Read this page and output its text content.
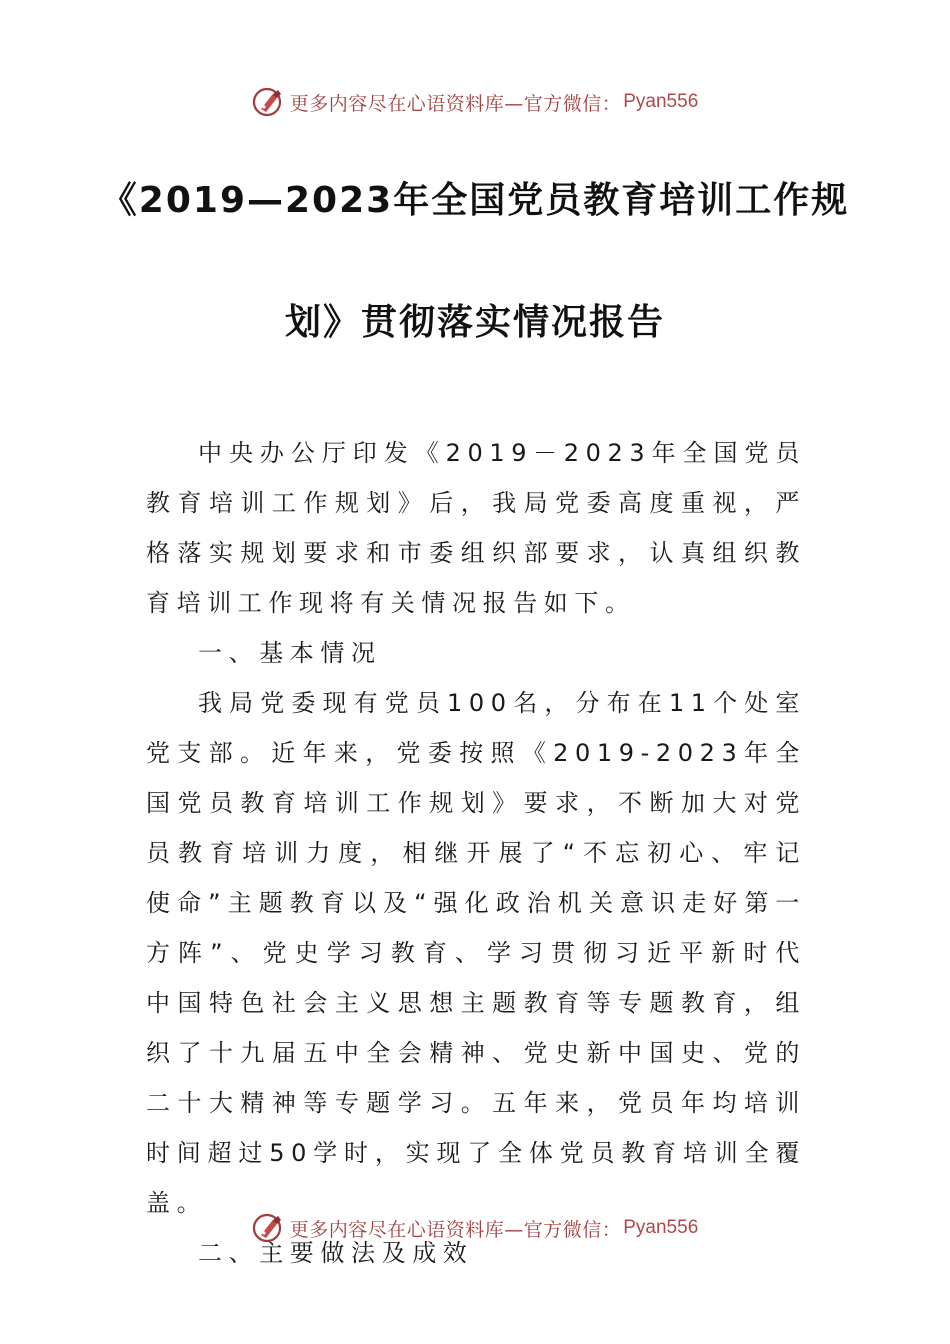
更多内容尽在心语资料库—官方微信： Pyan556
《2019—2023年全国党员教育培训工作规
划》贯彻落实情况报告

中央办公厅印发《2019－2023年全国党员教育培训工作规划》后，我局党委高度重视，严格落实规划要求和市委组织部要求，认真组织教育培训工作现将有关情况报告如下。

一、基本情况

我局党委现有党员100名，分布在11个处室党支部。近年来，党委按照《2019-2023年全国党员教育培训工作规划》要求，不断加大对党员教育培训力度，相继开展了“不忘初心、牢记使命”主题教育以及“强化政治机关意识走好第一方阵”、党史学习教育、学习贯彻习近平新时代中国特色社会主义思想主题教育等专题教育，组织了十九届五中全会精神、党史新中国史、党的二十大精神等专题学习。五年来，党员年均培训时间超过50学时，实现了全体党员教育培训全覆盖。

二、主要做法及成效

更多内容尽在心语资料库—官方微信： Pyan556
